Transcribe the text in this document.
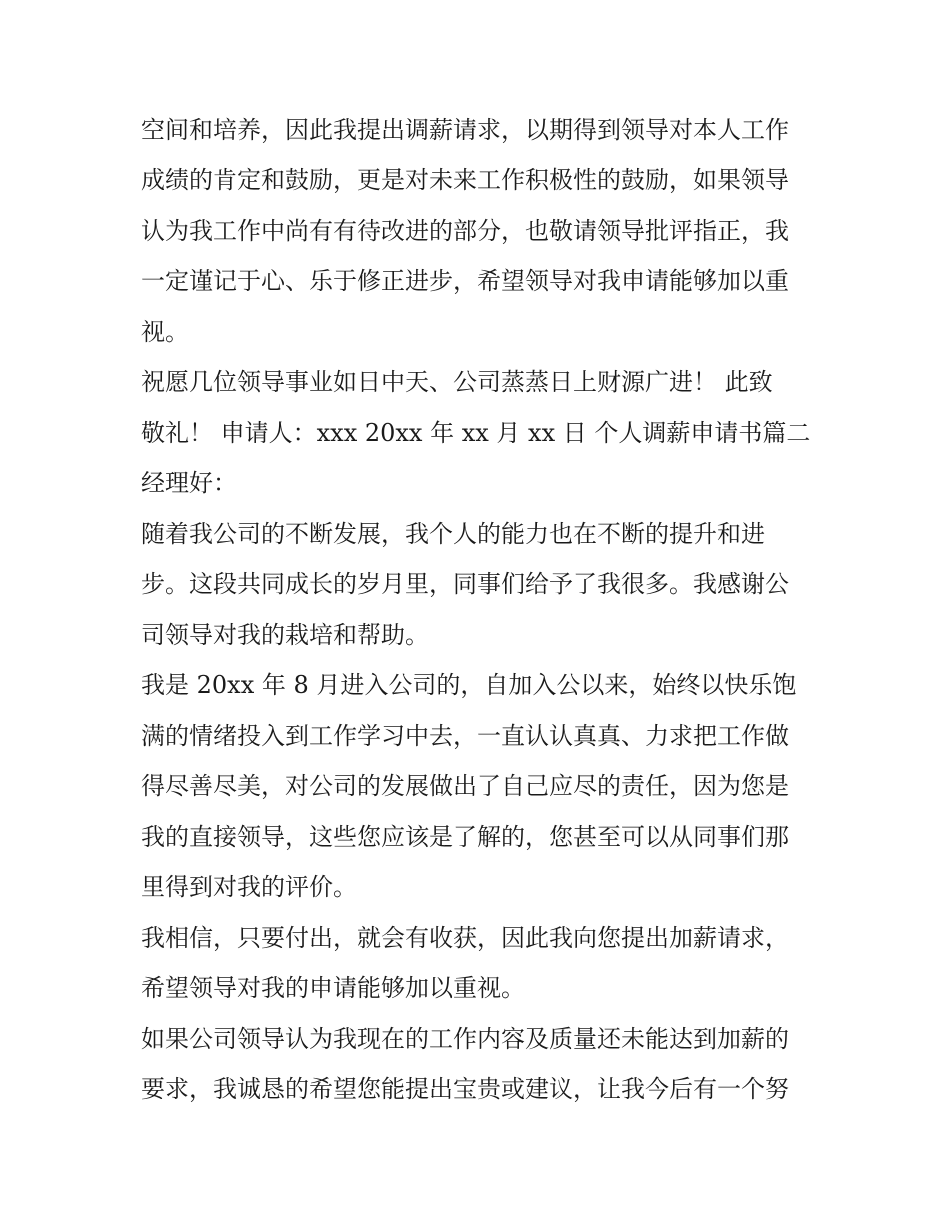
空间和培养，因此我提出调薪请求，以期得到领导对本人工作
成绩的肯定和鼓励，更是对未来工作积极性的鼓励，如果领导
认为我工作中尚有有待改进的部分，也敬请领导批评指正，我
一定谨记于心、乐于修正进步，希望领导对我申请能够加以重
视。
祝愿几位领导事业如日中天、公司蒸蒸日上财源广进！ 此致
敬礼！ 申请人：xxx 20xx 年 xx 月 xx 日 个人调薪申请书篇二
经理好：
随着我公司的不断发展，我个人的能力也在不断的提升和进
步。这段共同成长的岁月里，同事们给予了我很多。我感谢公
司领导对我的栽培和帮助。
我是 20xx 年 8 月进入公司的，自加入公以来，始终以快乐饱
满的情绪投入到工作学习中去，一直认认真真、力求把工作做
得尽善尽美，对公司的发展做出了自己应尽的责任，因为您是
我的直接领导，这些您应该是了解的，您甚至可以从同事们那
里得到对我的评价。
我相信，只要付出，就会有收获，因此我向您提出加薪请求，
希望领导对我的申请能够加以重视。
如果公司领导认为我现在的工作内容及质量还未能达到加薪的
要求，我诚恳的希望您能提出宝贵或建议，让我今后有一个努
